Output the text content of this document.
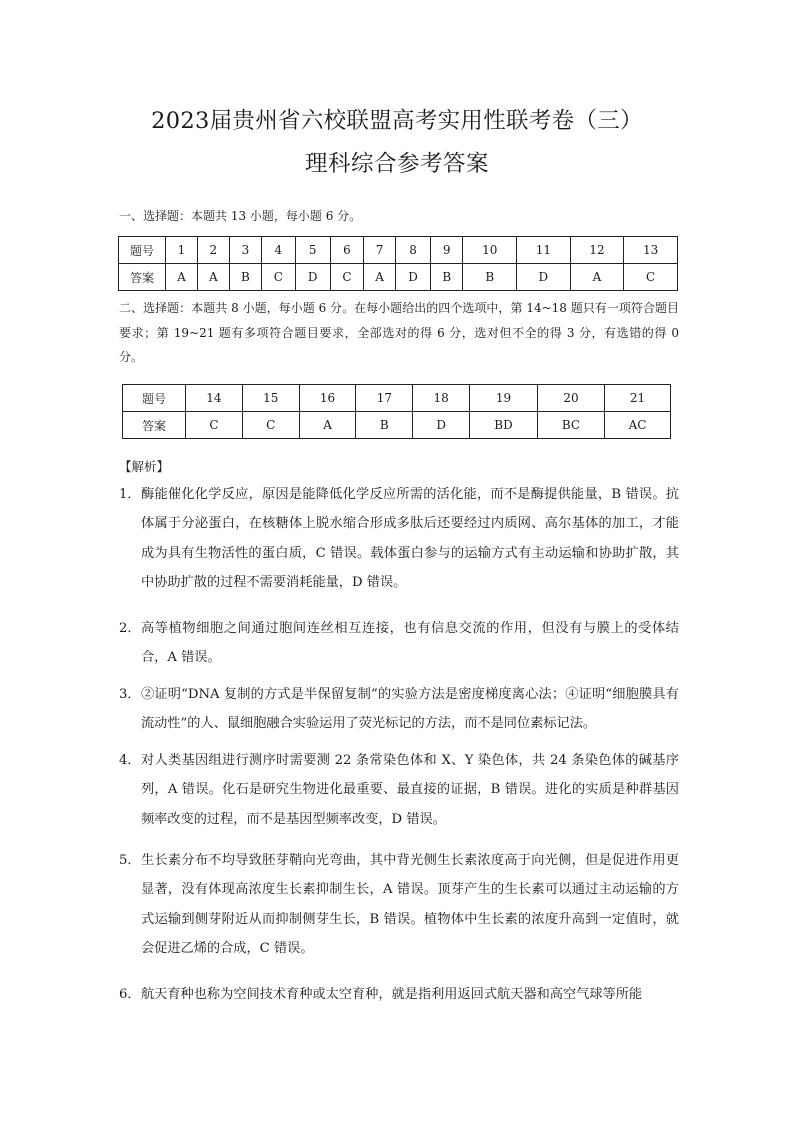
2023届贵州省六校联盟高考实用性联考卷（三）
理科综合参考答案
一、选择题：本题共 13 小题，每小题 6 分。
题号	1	2	3	4	5	6	7	8	9	10	11	12	13
答案	A	A	B	C	D	C	A	D	B	B	D	A	C
二、选择题：本题共 8 小题，每小题 6 分。在每小题给出的四个选项中，第 14~18 题只有一项符合题目要求；第 19~21 题有多项符合题目要求，全部选对的得 6 分，选对但不全的得 3 分，有选错的得 0 分。
题号	14	15	16	17	18	19	20	21
答案	C	C	A	B	D	BD	BC	AC
【解析】
1． 酶能催化化学反应，原因是能降低化学反应所需的活化能，而不是酶提供能量，B 错误。抗体属于分泌蛋白，在核糖体上脱水缩合形成多肽后还要经过内质网、高尔基体的加工，才能成为具有生物活性的蛋白质，C 错误。载体蛋白参与的运输方式有主动运输和协助扩散，其中协助扩散的过程不需要消耗能量，D 错误。
2． 高等植物细胞之间通过胞间连丝相互连接，也有信息交流的作用，但没有与膜上的受体结合，A 错误。
3． ②证明“DNA 复制的方式是半保留复制”的实验方法是密度梯度离心法；④证明“细胞膜具有流动性”的人、鼠细胞融合实验运用了荧光标记的方法，而不是同位素标记法。
4． 对人类基因组进行测序时需要测 22 条常染色体和 X、Y 染色体，共 24 条染色体的碱基序列，A 错误。化石是研究生物进化最重要、最直接的证据，B 错误。进化的实质是种群基因频率改变的过程，而不是基因型频率改变，D 错误。
5． 生长素分布不均导致胚芽鞘向光弯曲，其中背光侧生长素浓度高于向光侧，但是促进作用更显著，没有体现高浓度生长素抑制生长，A 错误。顶芽产生的生长素可以通过主动运输的方式运输到侧芽附近从而抑制侧芽生长，B 错误。植物体中生长素的浓度升高到一定值时，就会促进乙烯的合成，C 错误。
6． 航天育种也称为空间技术育种或太空育种，就是指利用返回式航天器和高空气球等所能
